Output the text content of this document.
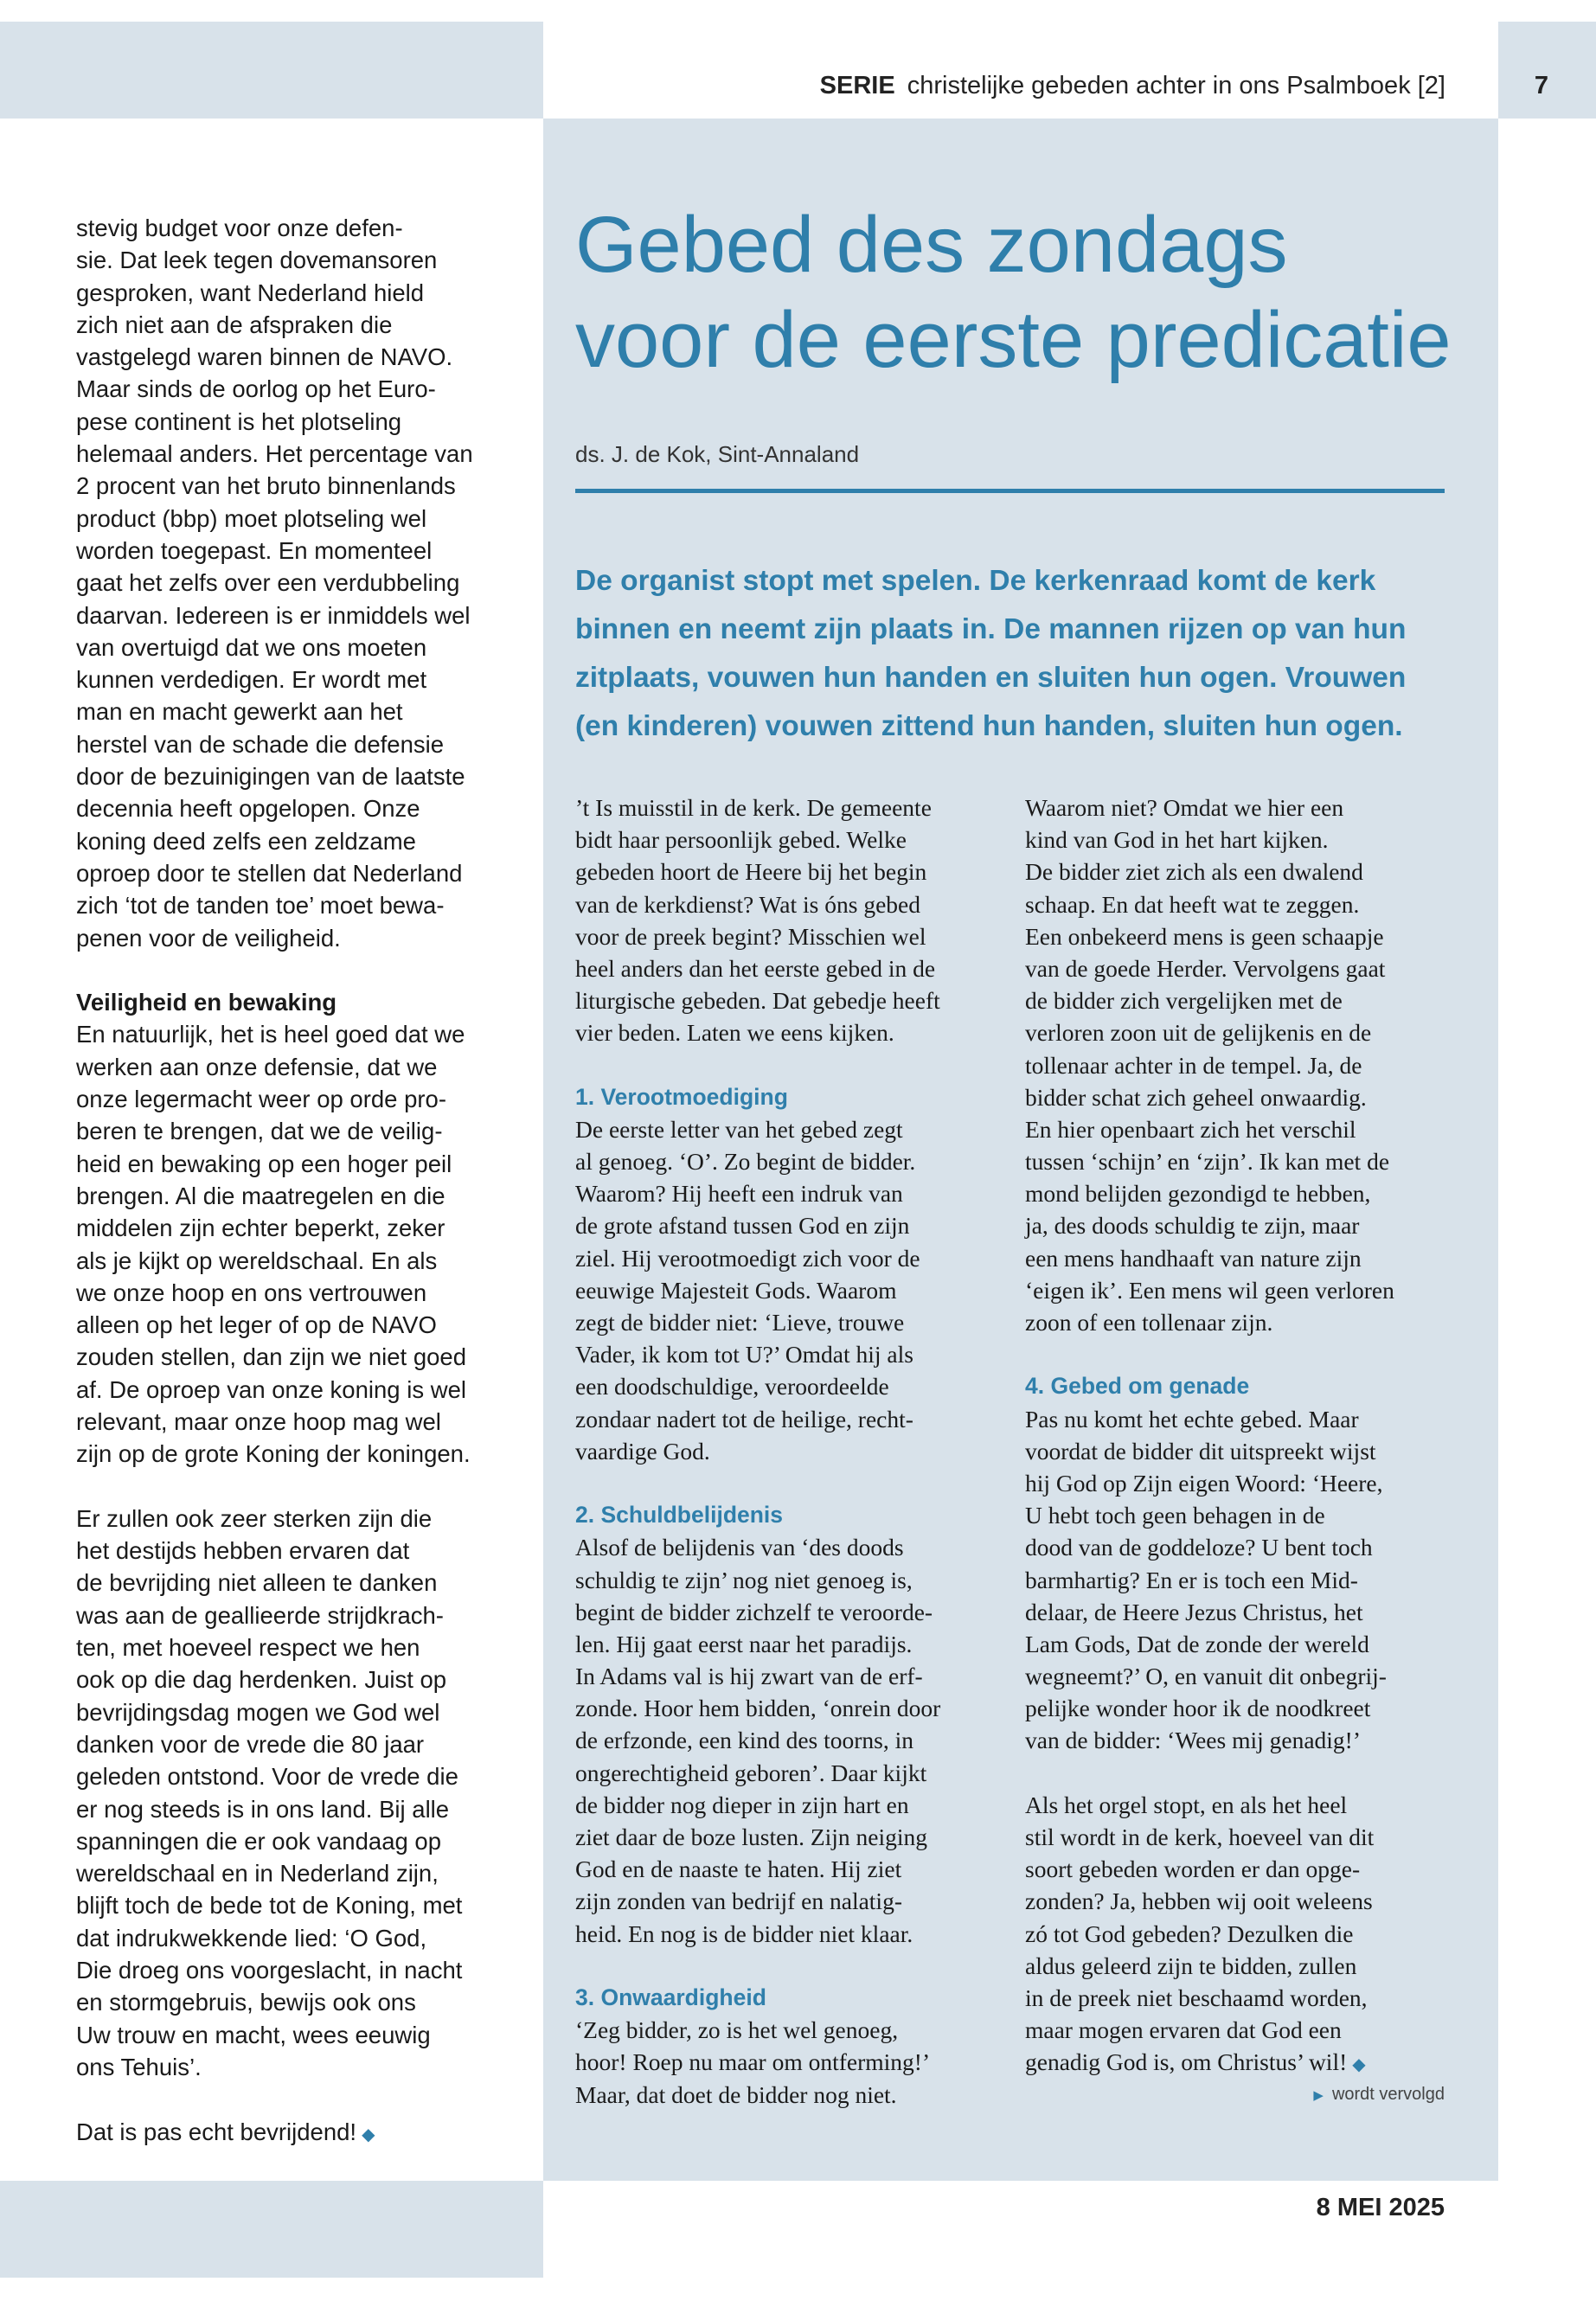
SERIE christelijke gebeden achter in ons Psalmboek [2]	7
stevig budget voor onze defen-
sie. Dat leek tegen dovemansoren
gesproken, want Nederland hield
zich niet aan de afspraken die
vastgelegd waren binnen de NAVO.
Maar sinds de oorlog op het Euro-
pese continent is het plotseling
helemaal anders. Het percentage van
2 procent van het bruto binnenlands
product (bbp) moet plotseling wel
worden toegepast. En momenteel
gaat het zelfs over een verdubbeling
daarvan. Iedereen is er inmiddels wel
van overtuigd dat we ons moeten
kunnen verdedigen. Er wordt met
man en macht gewerkt aan het
herstel van de schade die defensie
door de bezuinigingen van de laatste
decennia heeft opgelopen. Onze
koning deed zelfs een zeldzame
oproep door te stellen dat Nederland
zich ‘tot de tanden toe’ moet bewa-
penen voor de veiligheid.
Veiligheid en bewaking
En natuurlijk, het is heel goed dat we
werken aan onze defensie, dat we
onze legermacht weer op orde pro-
beren te brengen, dat we de veilig-
heid en bewaking op een hoger peil
brengen. Al die maatregelen en die
middelen zijn echter beperkt, zeker
als je kijkt op wereldschaal. En als
we onze hoop en ons vertrouwen
alleen op het leger of op de NAVO
zouden stellen, dan zijn we niet goed
af. De oproep van onze koning is wel
relevant, maar onze hoop mag wel
zijn op de grote Koning der koningen.
Er zullen ook zeer sterken zijn die
het destijds hebben ervaren dat
de bevrijding niet alleen te danken
was aan de geallieerde strijdkrach-
ten, met hoeveel respect we hen
ook op die dag herdenken. Juist op
bevrijdingsdag mogen we God wel
danken voor de vrede die 80 jaar
geleden ontstond. Voor de vrede die
er nog steeds is in ons land. Bij alle
spanningen die er ook vandaag op
wereldschaal en in Nederland zijn,
blijft toch de bede tot de Koning, met
dat indrukwekkende lied: ‘O God,
Die droeg ons voorgeslacht, in nacht
en stormgebruis, bewijs ook ons
Uw trouw en macht, wees eeuwig
ons Tehuis’.
Dat is pas echt bevrijdend! ◆
Gebed des zondags
voor de eerste predicatie
ds. J. de Kok, Sint-Annaland
De organist stopt met spelen. De kerkenraad komt de kerk
binnen en neemt zijn plaats in. De mannen rijzen op van hun
zitplaats, vouwen hun handen en sluiten hun ogen. Vrouwen
(en kinderen) vouwen zittend hun handen, sluiten hun ogen.
’t Is muisstil in de kerk. De gemeente
bidt haar persoonlijk gebed. Welke
gebeden hoort de Heere bij het begin
van de kerkdienst? Wat is óns gebed
voor de preek begint? Misschien wel
heel anders dan het eerste gebed in de
liturgische gebeden. Dat gebedje heeft
vier beden. Laten we eens kijken.
1. Verootmoediging
De eerste letter van het gebed zegt
al genoeg. ‘O’. Zo begint de bidder.
Waarom? Hij heeft een indruk van
de grote afstand tussen God en zijn
ziel. Hij verootmoedigt zich voor de
eeuwige Majesteit Gods. Waarom
zegt de bidder niet: ‘Lieve, trouwe
Vader, ik kom tot U?’ Omdat hij als
een doodschuldige, veroordeelde
zondaar nadert tot de heilige, recht-
vaardige God.
2. Schuldbelijdenis
Alsof de belijdenis van ‘des doods
schuldig te zijn’ nog niet genoeg is,
begint de bidder zichzelf te veroorde-
len. Hij gaat eerst naar het paradijs.
In Adams val is hij zwart van de erf-
zonde. Hoor hem bidden, ‘onrein door
de erfzonde, een kind des toorns, in
ongerechtigheid geboren’. Daar kijkt
de bidder nog dieper in zijn hart en
ziet daar de boze lusten. Zijn neiging
God en de naaste te haten. Hij ziet
zijn zonden van bedrijf en nalatig-
heid. En nog is de bidder niet klaar.
3. Onwaardigheid
‘Zeg bidder, zo is het wel genoeg,
hoor! Roep nu maar om ontferming!’
Maar, dat doet de bidder nog niet.
Waarom niet? Omdat we hier een
kind van God in het hart kijken.
De bidder ziet zich als een dwalend
schaap. En dat heeft wat te zeggen.
Een onbekeerd mens is geen schaapje
van de goede Herder. Vervolgens gaat
de bidder zich vergelijken met de
verloren zoon uit de gelijkenis en de
tollenaar achter in de tempel. Ja, de
bidder schat zich geheel onwaardig.
En hier openbaart zich het verschil
tussen ‘schijn’ en ‘zijn’. Ik kan met de
mond belijden gezondigd te hebben,
ja, des doods schuldig te zijn, maar
een mens handhaaft van nature zijn
‘eigen ik’. Een mens wil geen verloren
zoon of een tollenaar zijn.
4. Gebed om genade
Pas nu komt het echte gebed. Maar
voordat de bidder dit uitspreekt wijst
hij God op Zijn eigen Woord: ‘Heere,
U hebt toch geen behagen in de
dood van de goddeloze? U bent toch
barmhartig? En er is toch een Mid-
delaar, de Heere Jezus Christus, het
Lam Gods, Dat de zonde der wereld
wegneemt?’ O, en vanuit dit onbegrij-
pelijke wonder hoor ik de noodkreet
van de bidder: ‘Wees mij genadig!’
Als het orgel stopt, en als het heel
stil wordt in de kerk, hoeveel van dit
soort gebeden worden er dan opge-
zonden? Ja, hebben wij ooit weleens
zó tot God gebeden? Dezulken die
aldus geleerd zijn te bidden, zullen
in de preek niet beschaamd worden,
maar mogen ervaren dat God een
genadig God is, om Christus’ wil! ◆
▶ wordt vervolgd
8 MEI 2025
